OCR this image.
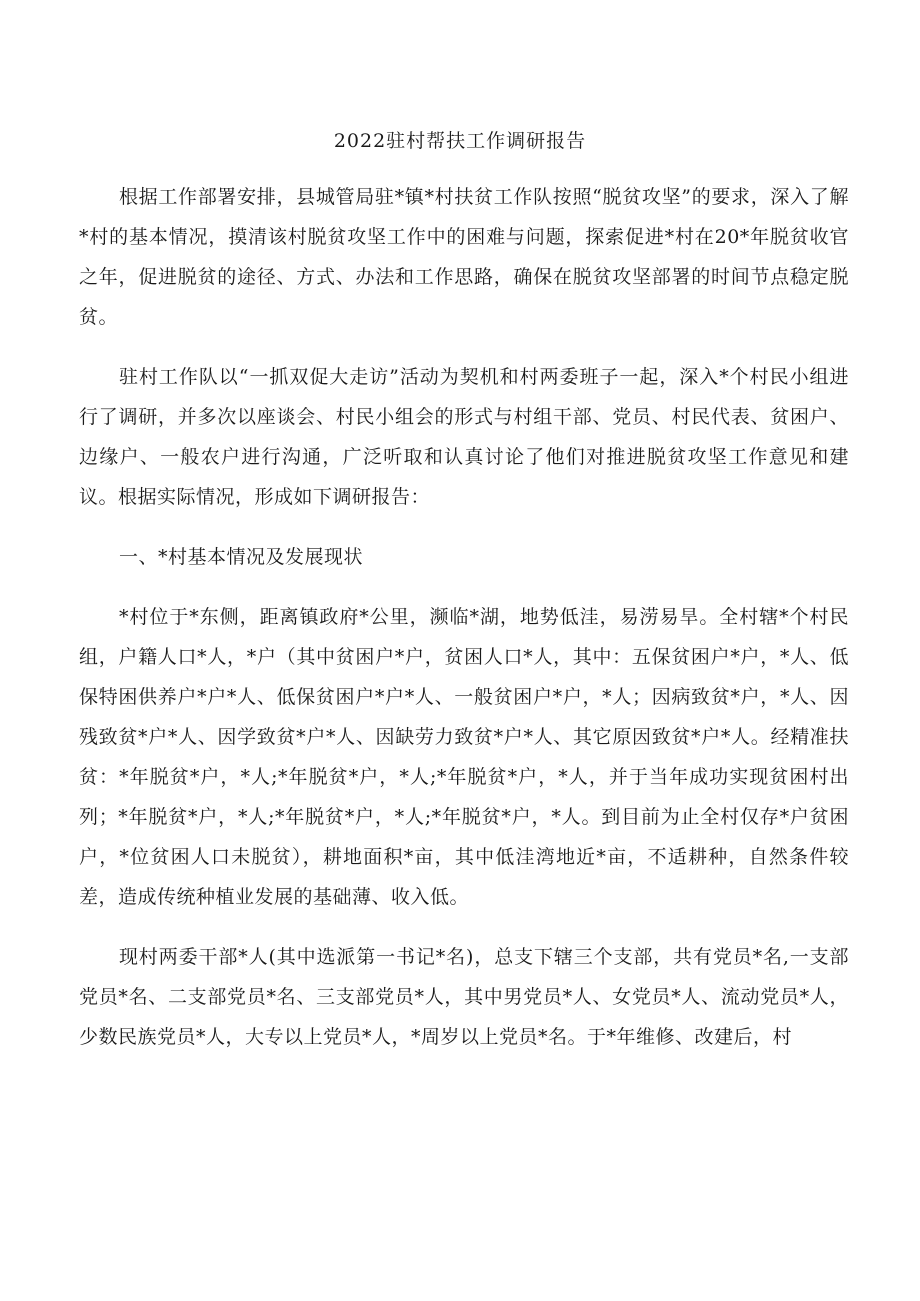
2022驻村帮扶工作调研报告

根据工作部署安排，县城管局驻*镇*村扶贫工作队按照“脱贫攻坚”的要求，深入了解*村的基本情况，摸清该村脱贫攻坚工作中的困难与问题，探索促进*村在20*年脱贫收官之年，促进脱贫的途径、方式、办法和工作思路，确保在脱贫攻坚部署的时间节点稳定脱贫。

驻村工作队以“一抓双促大走访”活动为契机和村两委班子一起，深入*个村民小组进行了调研，并多次以座谈会、村民小组会的形式与村组干部、党员、村民代表、贫困户、边缘户、一般农户进行沟通，广泛听取和认真讨论了他们对推进脱贫攻坚工作意见和建议。根据实际情况，形成如下调研报告：

一、*村基本情况及发展现状

*村位于*东侧，距离镇政府*公里，濒临*湖，地势低洼，易涝易旱。全村辖*个村民组，户籍人口*人，*户（其中贫困户*户，贫困人口*人，其中：五保贫困户*户，*人、低保特困供养户*户*人、低保贫困户*户*人、一般贫困户*户，*人；因病致贫*户，*人、因残致贫*户*人、因学致贫*户*人、因缺劳力致贫*户*人、其它原因致贫*户*人。经精准扶贫：*年脱贫*户，*人;*年脱贫*户，*人;*年脱贫*户，*人，并于当年成功实现贫困村出列；*年脱贫*户，*人;*年脱贫*户，*人;*年脱贫*户，*人。到目前为止全村仅存*户贫困户，*位贫困人口未脱贫），耕地面积*亩，其中低洼湾地近*亩，不适耕种，自然条件较差，造成传统种植业发展的基础薄、收入低。

现村两委干部*人(其中选派第一书记*名)，总支下辖三个支部，共有党员*名,一支部党员*名、二支部党员*名、三支部党员*人，其中男党员*人、女党员*人、流动党员*人，少数民族党员*人，大专以上党员*人，*周岁以上党员*名。于*年维修、改建后，村
